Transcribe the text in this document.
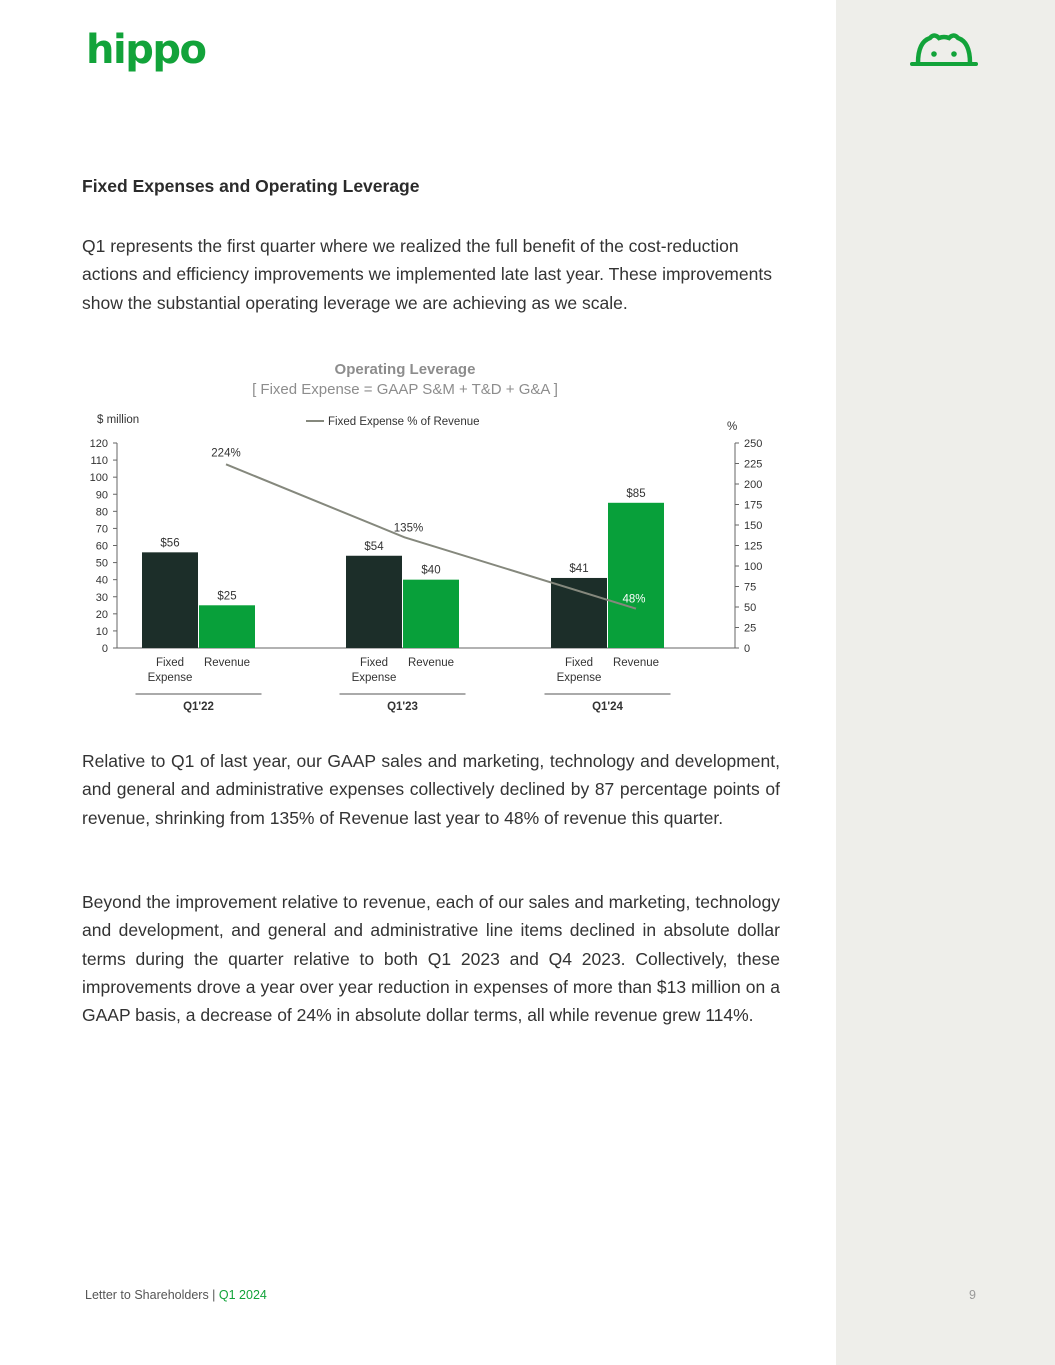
hippo
Fixed Expenses and Operating Leverage
Q1 represents the first quarter where we realized the full benefit of the cost-reduction actions and efficiency improvements we implemented late last year. These improvements show the substantial operating leverage we are achieving as we scale.
Operating Leverage
[ Fixed Expense = GAAP S&M + T&D + G&A ]
$ million
%
Fixed Expense % of Revenue
0
10
20
30
40
50
60
70
80
90
100
110
120
0
25
50
75
100
125
150
175
200
225
250
$56
$25
$54
$40	$41
$85
224%
135%
48%
Fixed
Expense
Revenue
Q1'22
Fixed
Expense
Revenue
Q1'23
Fixed
Expense
Revenue
Q1'24
Relative to Q1 of last year, our GAAP sales and marketing, technology and development, and general and administrative expenses collectively declined by 87 percentage points of revenue, shrinking from 135% of Revenue last year to 48% of revenue this quarter.
Beyond the improvement relative to revenue, each of our sales and marketing, technology and development, and general and administrative line items declined in absolute dollar terms during the quarter relative to both Q1 2023 and Q4 2023. Collectively, these improvements drove a year over year reduction in expenses of more than $13 million on a GAAP basis, a decrease of 24% in absolute dollar terms, all while revenue grew 114%.
Letter to Shareholders | Q1 2024	9
